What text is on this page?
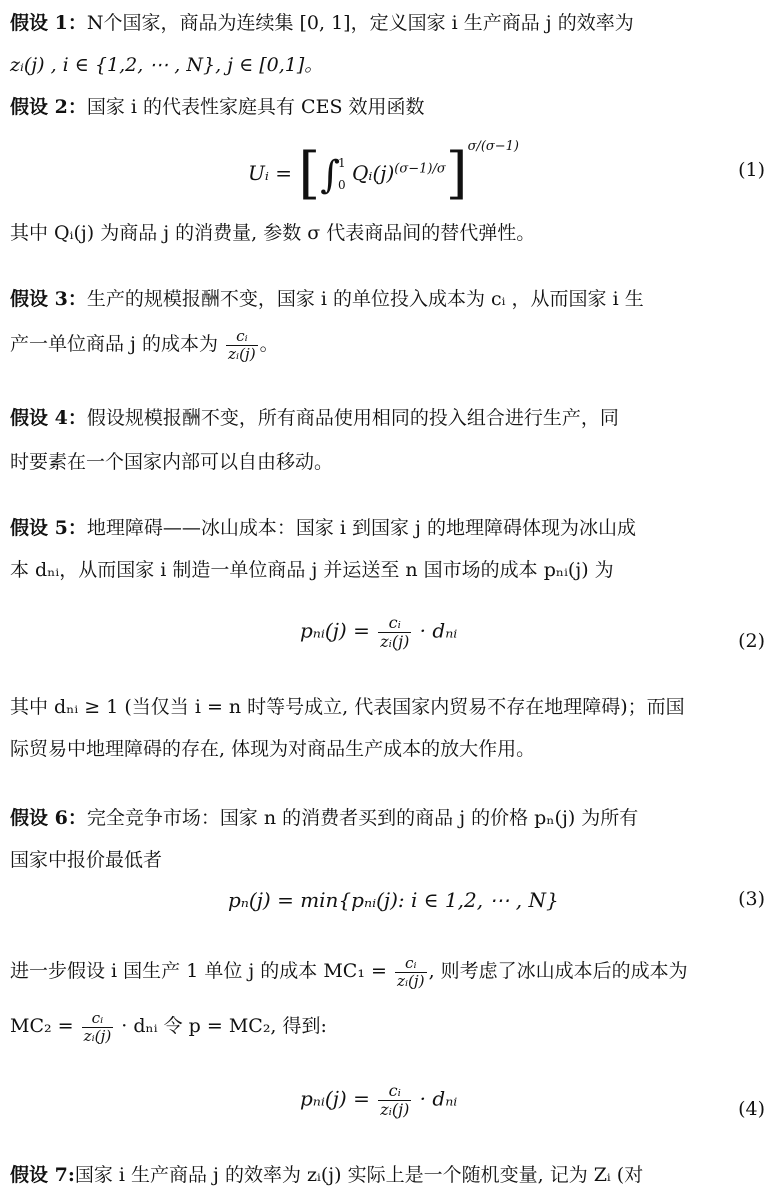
假设 1：N个国家，商品为连续集 [0, 1]，定义国家 i 生产商品 j 的效率为
zᵢ(j) , i ∈ {1,2, ⋯ , N}, j ∈ [0,1]。
假设 2：国家 i 的代表性家庭具有 CES 效用函数
Uᵢ = [∫
1
0 $Qᵢ(j)^{(\sigma-1)/\sigma}]^{\sigma/(\sigma-1)}$
(1)
其中 Qᵢ(j) 为商品 j 的消费量, 参数 σ 代表商品间的替代弹性。
假设 3：生产的规模报酬不变，国家 i 的单位投入成本为 cᵢ ，从而国家 i 生
产一单位商品 j 的成本为 $\frac{\text{cᵢ}}{\text{zᵢ(j)}}$ 。
假设 4：假设规模报酬不变，所有商品使用相同的投入组合进行生产，同
时要素在一个国家内部可以自由移动。
假设 5：地理障碍——冰山成本：国家 i 到国家 j 的地理障碍体现为冰山成
本 dₙᵢ，从而国家 i 制造一单位商品 j 并运送至 n 国市场的成本 pₙᵢ(j) 为
pₙᵢ(j) = $\frac{\text{cᵢ}}{\text{zᵢ(j)}}$ · dₙᵢ	(2)
其中 dₙᵢ ≥ 1 (当仅当 i = n 时等号成立, 代表国家内贸易不存在地理障碍)；而国
际贸易中地理障碍的存在, 体现为对商品生产成本的放大作用。
假设 6：完全竞争市场：国家 n 的消费者买到的商品 j 的价格 pₙ(j) 为所有
国家中报价最低者
pₙ(j) = min{pₙᵢ(j): i ∈ 1,2, ⋯ , N}	(3)
进一步假设 i 国生产 1 单位 j 的成本 $MC_1 = \frac{\text{cᵢ}}{\text{zᵢ(j)}}$ , 则考虑了冰山成本后的成本为
$MC_2 = \frac{\text{cᵢ}}{\text{zᵢ(j)}}$ · dₙᵢ 令 p = MC₂, 得到:
pₙᵢ(j) = $\frac{\text{cᵢ}}{\text{zᵢ(j)}}$ · dₙᵢ	(4)
假设 7:国家 i 生产商品 j 的效率为 zᵢ(j) 实际上是一个随机变量, 记为 Zᵢ (对
